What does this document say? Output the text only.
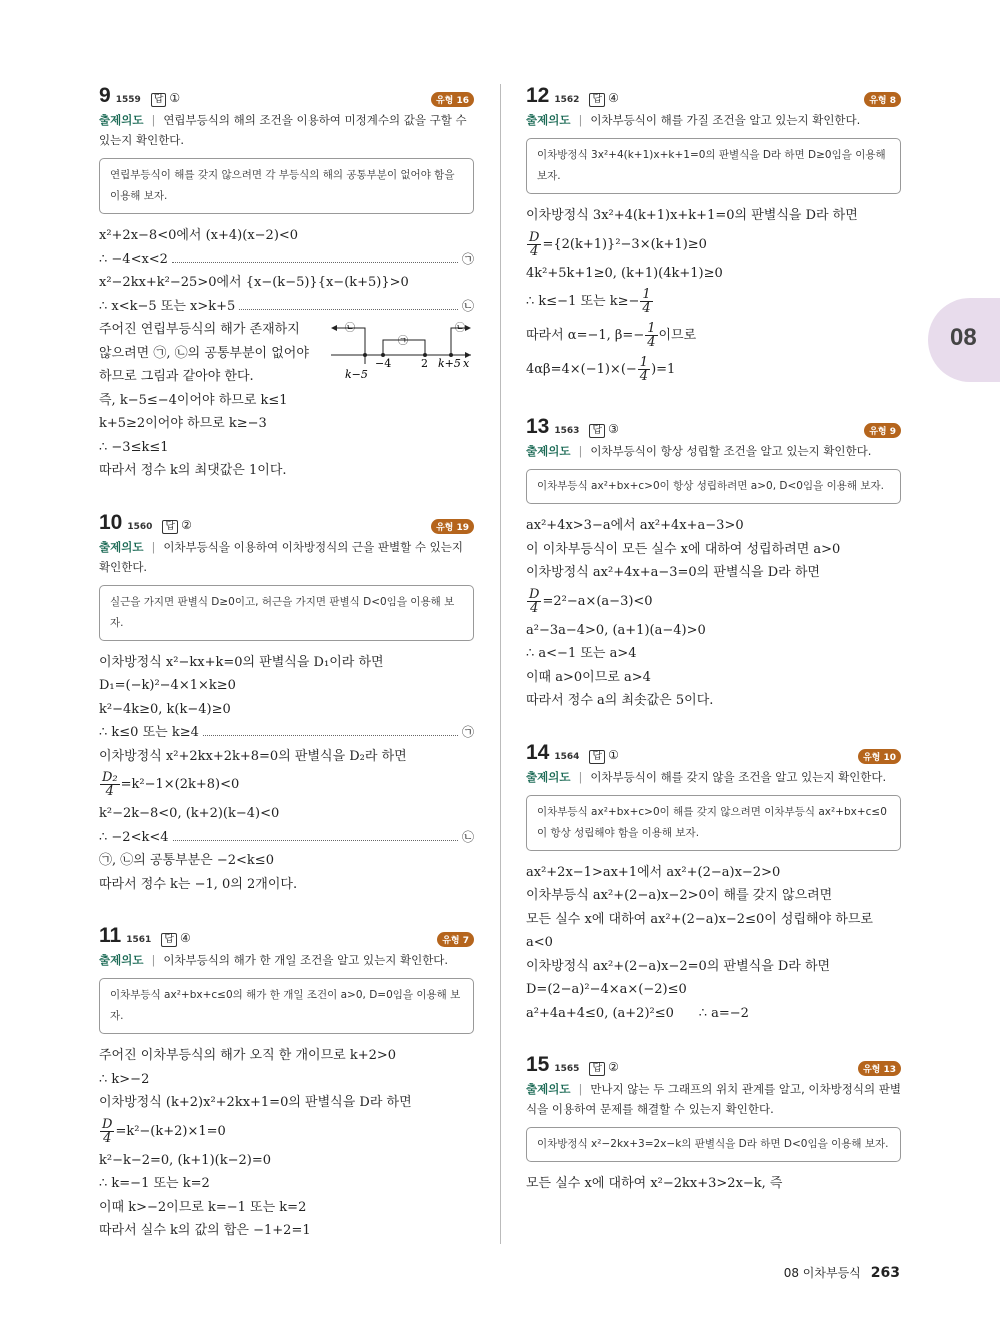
08
9 1559 답 ①	유형 16

출제의도 | 연립부등식의 해의 조건을 이용하여 미정계수의 값을 구할 수 있는지 확인한다.

연립부등식이 해를 갖지 않으려면 각 부등식의 해의 공통부분이 없어야 함을 이용해 보자.
x²+2x−8<0에서 (x+4)(x−2)<0
∴ −4<x<2	㉠
x²−2kx+k²−25>0에서 {x−(k−5)}{x−(k+5)}>0
∴ x<k−5 또는 x>k+5	㉡
주어진 연립부등식의 해가 존재하지
않으려면 ㉠, ㉡의 공통부분이 없어야
하므로 그림과 같아야 한다.
㉡
㉠
㉡
−4	2 k+5
k−5
x
즉, k−5≤−4이어야 하므로 k≤1
k+5≥2이어야 하므로 k≥−3
∴ −3≤k≤1
따라서 정수 k의 최댓값은 1이다.
10 1560 답 ②	유형 19

출제의도 | 이차부등식을 이용하여 이차방정식의 근을 판별할 수 있는지 확인한다.

실근을 가지면 판별식 D≥0이고, 허근을 가지면 판별식 D<0임을 이용해 보자.
이차방정식 x²−kx+k=0의 판별식을 D₁이라 하면
D₁=(−k)²−4×1×k≥0
k²−4k≥0, k(k−4)≥0
∴ k≤0 또는 k≥4	㉠
이차방정식 x²+2kx+2k+8=0의 판별식을 D₂라 하면
$\frac{\text{D₂}}{4} =k^2-1\times(2k+8)<0$
k²−2k−8<0, (k+2)(k−4)<0
∴ −2<k<4	㉡
㉠, ㉡의 공통부분은 −2<k≤0
따라서 정수 k는 −1, 0의 2개이다.
11 1561 답 ④	유형 7

출제의도 | 이차부등식의 해가 한 개일 조건을 알고 있는지 확인한다.

이차부등식 ax²+bx+c≤0의 해가 한 개일 조건이 a>0, D=0임을 이용해 보자.
주어진 이차부등식의 해가 오직 한 개이므로 k+2>0
∴ k>−2
이차방정식 (k+2)x²+2kx+1=0의 판별식을 D라 하면
$\frac{D}{4} =k^2-(k+2)\times 1=0$
k²−k−2=0, (k+1)(k−2)=0
∴ k=−1 또는 k=2
이때 k>−2이므로 k=−1 또는 k=2
따라서 실수 k의 값의 합은 −1+2=1
12 1562 답 ④	유형 8

출제의도 | 이차부등식이 해를 가질 조건을 알고 있는지 확인한다.

이차방정식 3x²+4(k+1)x+k+1=0의 판별식을 D라 하면 D≥0임을 이용해 보자.
이차방정식 3x²+4(k+1)x+k+1=0의 판별식을 D라 하면
$\frac{D}{4} =\{2(k+1)\}^2-3\times(k+1)\ge 0$
4k²+5k+1≥0, (k+1)(4k+1)≥0
∴ k≤−1 또는 $k\ge- \frac{1}{4}$
따라서 α=−1, $\beta=- \frac{1}{4}$ 이므로
$4\alpha\beta=4\times(-1)\times(- \frac{1}{4} )=1$
13 1563 답 ③	유형 9

출제의도 | 이차부등식이 항상 성립할 조건을 알고 있는지 확인한다.

이차부등식 ax²+bx+c>0이 항상 성립하려면 a>0, D<0임을 이용해 보자.
ax²+4x>3−a에서 ax²+4x+a−3>0
이 이차부등식이 모든 실수 x에 대하여 성립하려면 a>0
이차방정식 ax²+4x+a−3=0의 판별식을 D라 하면
$\frac{D}{4} =2^2-a\times(a-3)<0$
a²−3a−4>0, (a+1)(a−4)>0
∴ a<−1 또는 a>4
이때 a>0이므로 a>4
따라서 정수 a의 최솟값은 5이다.
14 1564 답 ①	유형 10

출제의도 | 이차부등식이 해를 갖지 않을 조건을 알고 있는지 확인한다.

이차부등식 ax²+bx+c>0이 해를 갖지 않으려면 이차부등식 ax²+bx+c≤0이 항상 성립해야 함을 이용해 보자.
ax²+2x−1>ax+1에서 ax²+(2−a)x−2>0
이차부등식 ax²+(2−a)x−2>0이 해를 갖지 않으려면
모든 실수 x에 대하여 ax²+(2−a)x−2≤0이 성립해야 하므로
a<0
이차방정식 ax²+(2−a)x−2=0의 판별식을 D라 하면
D=(2−a)²−4×a×(−2)≤0
a²+4a+4≤0, (a+2)²≤0      ∴ a=−2
15 1565 답 ②	유형 13

출제의도 | 만나지 않는 두 그래프의 위치 관계를 알고, 이차방정식의 판별식을 이용하여 문제를 해결할 수 있는지 확인한다.

이차방정식 x²−2kx+3=2x−k의 판별식을 D라 하면 D<0임을 이용해 보자.
모든 실수 x에 대하여 x²−2kx+3>2x−k, 즉
08 이차부등식 263
